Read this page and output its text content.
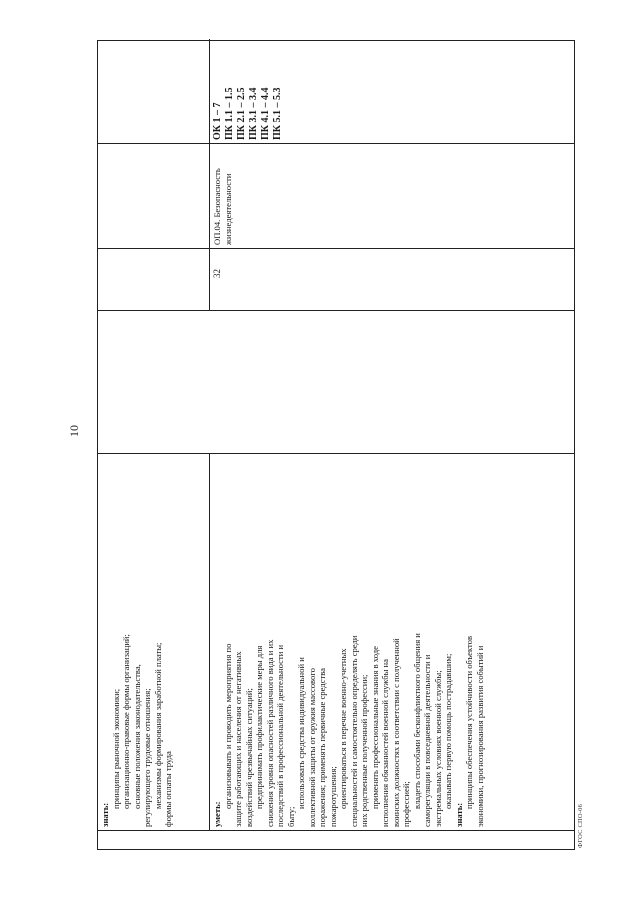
10
знать:
принципы рыночной экономики; организационно-правовые формы организаций; основные положения законодательства, регулирующего трудовые отношения; механизмы формирования заработной платы; формы оплаты труда	уметь:
организовывать и проводить мероприятия по защите работающих и населения от негативных воздействий чрезвычайных ситуаций; предпринимать профилактические меры для снижения уровня опасностей различного вида и их последствий в профессиональной деятельности и быту;
использовать средства индивидуальной и коллективной защиты от оружия массового поражения; применять первичные средства пожаротушения; ориентироваться в перечне военно-учетных специальностей и самостоятельно определять среди них родственные полученной профессии; применять профессиональные знания в ходе исполнения обязанностей военной службы на воинских должностях в соответствии с полученной профессией; владеть способами бесконфликтного общения и саморегуляции в повседневной деятельности и экстремальных условиях военной службы; оказывать первую помощь пострадавшим;
знать:
принципы обеспечения устойчивости объектов экономики, прогнозирования развития событий и
32
ОП.04. Безопасность жизнедеятельности
ОК 1 – 7 ПК 1.1 – 1.5 ПК 2.1 – 2.5 ПК 3.1 – 3.4 ПК 4.1 – 4.4 ПК 5.1 – 5.3
ФГОС СПО-06
